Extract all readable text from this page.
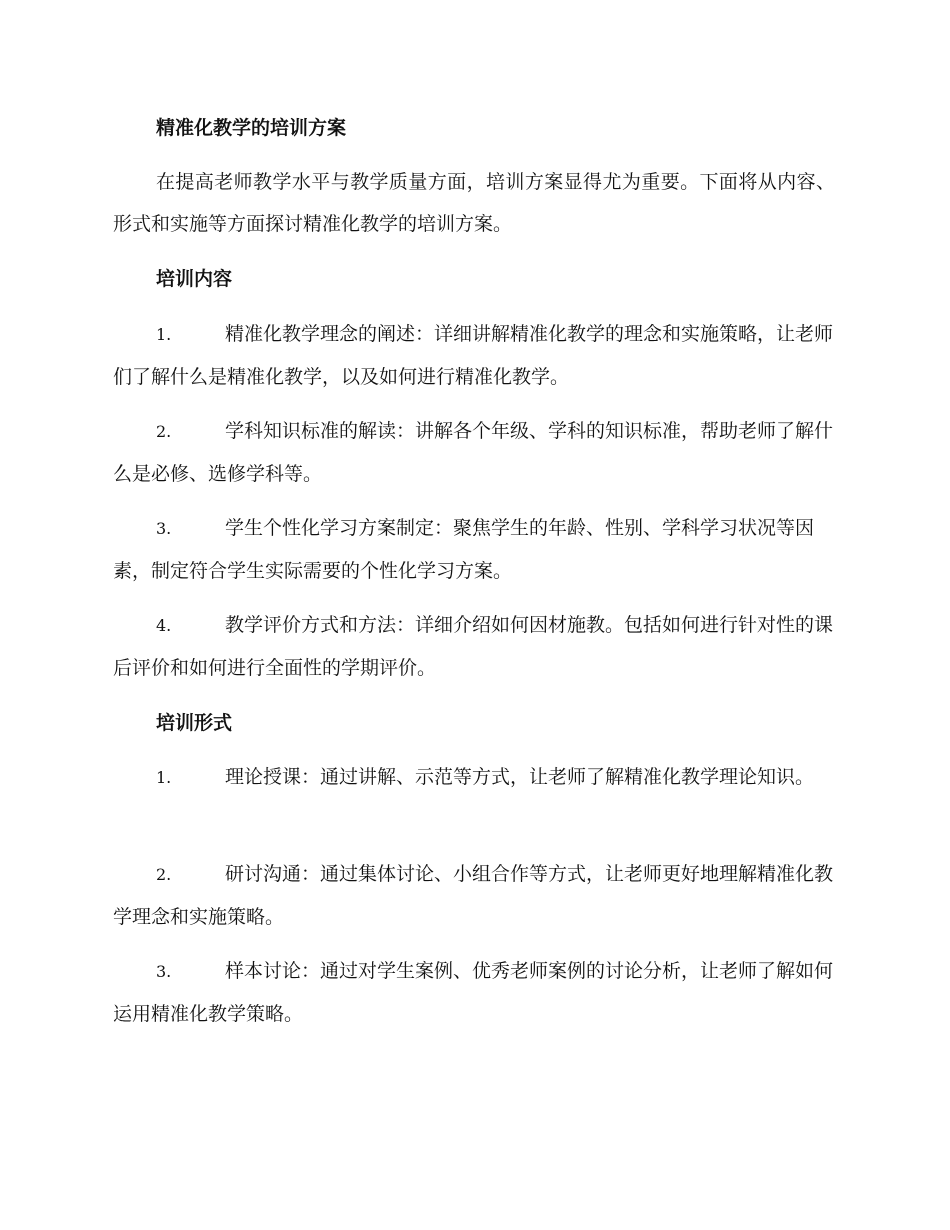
精准化教学的培训方案
在提高老师教学水平与教学质量方面，培训方案显得尤为重要。下面将从内容、形式和实施等方面探讨精准化教学的培训方案。
培训内容
1.	精准化教学理念的阐述：详细讲解精准化教学的理念和实施策略，让老师们了解什么是精准化教学，以及如何进行精准化教学。
2.	学科知识标准的解读：讲解各个年级、学科的知识标准，帮助老师了解什么是必修、选修学科等。
3.	学生个性化学习方案制定：聚焦学生的年龄、性别、学科学习状况等因素，制定符合学生实际需要的个性化学习方案。
4.	教学评价方式和方法：详细介绍如何因材施教。包括如何进行针对性的课后评价和如何进行全面性的学期评价。
培训形式
1.	理论授课：通过讲解、示范等方式，让老师了解精准化教学理论知识。
2.	研讨沟通：通过集体讨论、小组合作等方式，让老师更好地理解精准化教学理念和实施策略。
3.	样本讨论：通过对学生案例、优秀老师案例的讨论分析，让老师了解如何运用精准化教学策略。
